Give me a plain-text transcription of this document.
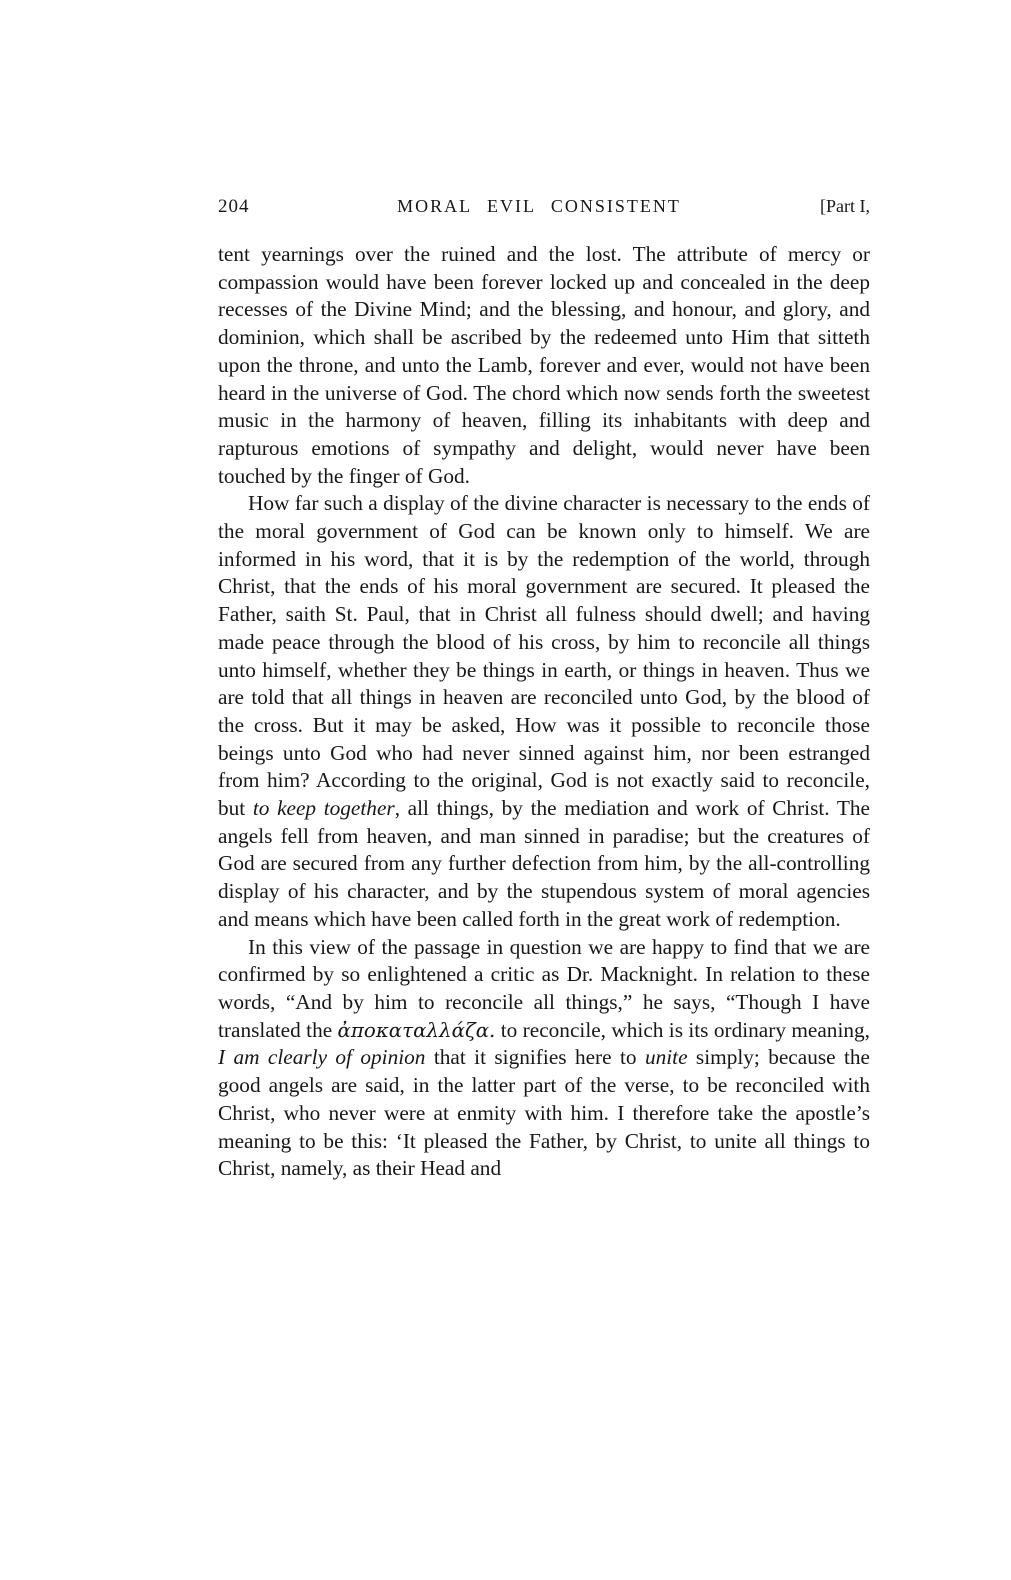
204	MORAL EVIL CONSISTENT	[Part I,

tent yearnings over the ruined and the lost. The attribute of mercy or compassion would have been forever locked up and concealed in the deep recesses of the Divine Mind; and the blessing, and honour, and glory, and dominion, which shall be ascribed by the redeemed unto Him that sitteth upon the throne, and unto the Lamb, forever and ever, would not have been heard in the universe of God. The chord which now sends forth the sweetest music in the harmony of heaven, filling its inhabitants with deep and rapturous emotions of sympathy and delight, would never have been touched by the finger of God.

How far such a display of the divine character is necessary to the ends of the moral government of God can be known only to himself. We are informed in his word, that it is by the redemption of the world, through Christ, that the ends of his moral government are secured. It pleased the Father, saith St. Paul, that in Christ all fulness should dwell; and having made peace through the blood of his cross, by him to reconcile all things unto himself, whether they be things in earth, or things in heaven. Thus we are told that all things in heaven are reconciled unto God, by the blood of the cross. But it may be asked, How was it possible to reconcile those beings unto God who had never sinned against him, nor been estranged from him? According to the original, God is not exactly said to reconcile, but to keep together, all things, by the mediation and work of Christ. The angels fell from heaven, and man sinned in paradise; but the creatures of God are secured from any further defection from him, by the all-controlling display of his character, and by the stupendous system of moral agencies and means which have been called forth in the great work of redemption.

In this view of the passage in question we are happy to find that we are confirmed by so enlightened a critic as Dr. Macknight. In relation to these words, “And by him to reconcile all things,” he says, “Though I have translated the ἀποκαταλλάζα. to reconcile, which is its ordinary meaning, I am clearly of opinion that it signifies here to unite simply; because the good angels are said, in the latter part of the verse, to be reconciled with Christ, who never were at enmity with him. I therefore take the apostle’s meaning to be this: ‘It pleased the Father, by Christ, to unite all things to Christ, namely, as their Head and
